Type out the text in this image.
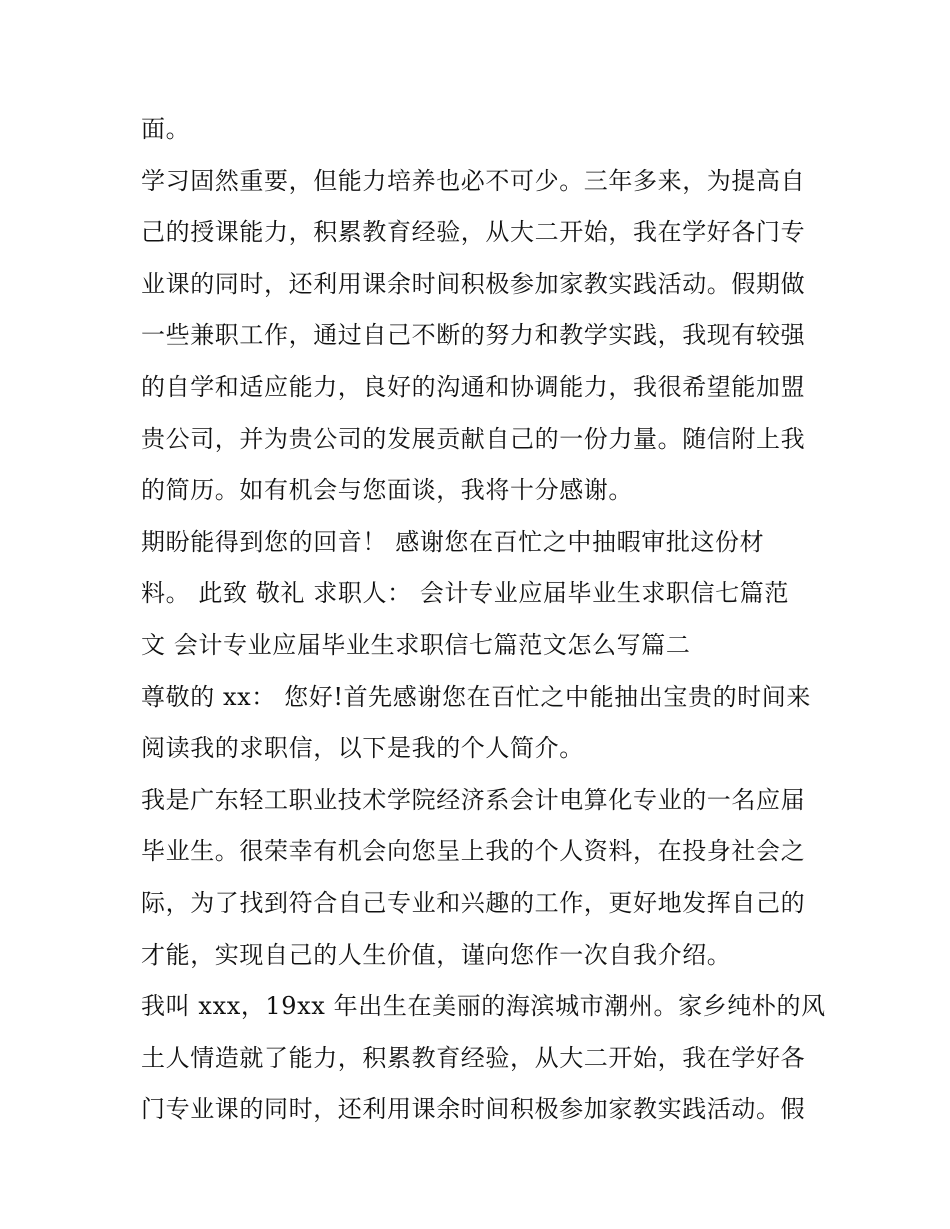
面。
学习固然重要，但能力培养也必不可少。三年多来，为提高自
己的授课能力，积累教育经验，从大二开始，我在学好各门专
业课的同时，还利用课余时间积极参加家教实践活动。假期做
一些兼职工作，通过自己不断的努力和教学实践，我现有较强
的自学和适应能力，良好的沟通和协调能力，我很希望能加盟
贵公司，并为贵公司的发展贡献自己的一份力量。随信附上我
的简历。如有机会与您面谈，我将十分感谢。
期盼能得到您的回音！ 感谢您在百忙之中抽暇审批这份材
料。 此致 敬礼 求职人： 会计专业应届毕业生求职信七篇范
文 会计专业应届毕业生求职信七篇范文怎么写篇二
尊敬的 xx： 您好!首先感谢您在百忙之中能抽出宝贵的时间来
阅读我的求职信，以下是我的个人简介。
我是广东轻工职业技术学院经济系会计电算化专业的一名应届
毕业生。很荣幸有机会向您呈上我的个人资料，在投身社会之
际，为了找到符合自己专业和兴趣的工作，更好地发挥自己的
才能，实现自己的人生价值，谨向您作一次自我介绍。
我叫 xxx，19xx 年出生在美丽的海滨城市潮州。家乡纯朴的风
土人情造就了能力，积累教育经验，从大二开始，我在学好各
门专业课的同时，还利用课余时间积极参加家教实践活动。假
